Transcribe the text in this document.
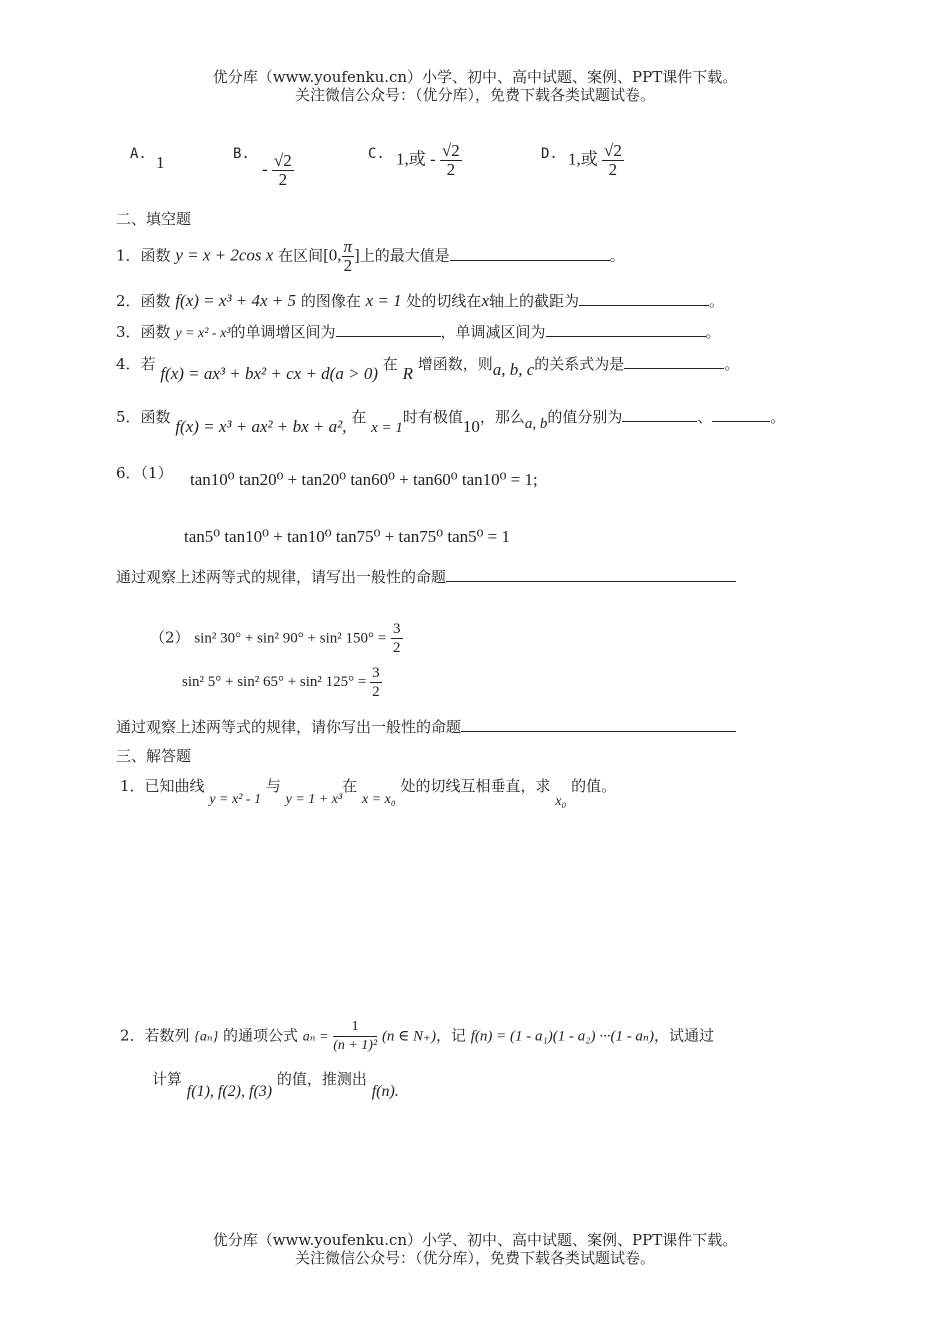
优分库（www.youfenku.cn）小学、初中、高中试题、案例、PPT课件下载。
关注微信公众号：（优分库），免费下载各类试题试卷。
A. 1	B.
- $\frac{√2}{2}$	C. 1,或 - $\frac{√2}{2}$	D. 1,或 $\frac{√2}{2}$
二、填空题
1．函数 y = x + 2cos x 在区间[0, $\frac{\pi}{2}$ ]上的最大值是	。
2．函数 f(x) = x³ + 4x + 5 的图像在 x = 1 处的切线在x轴上的截距为	。
3．函数 y = x² - x³的单调增区间为	，单调减区间为	。
4．若 f(x) = ax³ + bx² + cx + d(a > 0) 在 R 增函数，则a, b, c的关系式为是	。
5．函数 f(x) = x³ + ax² + bx + a², 在 x = 1时有极值10，那么a, b的值分别为	、	。
6．（1） tan10⁰ tan20⁰ + tan20⁰ tan60⁰ + tan60⁰ tan10⁰ = 1;
tan5⁰ tan10⁰ + tan10⁰ tan75⁰ + tan75⁰ tan5⁰ = 1
通过观察上述两等式的规律，请写出一般性的命题
（2） sin² 30° + sin² 90° + sin² $150^\circ = \frac{3}{2}$
sin² 5° + sin² 65° + sin² $125^\circ = \frac{3}{2}$
通过观察上述两等式的规律，请你写出一般性的命题
三、解答题
1．已知曲线 y = x² - 1 与 y = 1 + x³在 x = x₀ 处的切线互相垂直，求 x₀ 的值。
2．若数列 {aₙ} 的通项公式 $a_n = \frac{1}{\text{(n + 1)²}} (n$ ∈ N₊)，记 f(n) = (1 - a₁)(1 - a₂) ···(1 - aₙ)，试通过
计算 f(1), f(2), f(3) 的值，推测出 f(n).
优分库（www.youfenku.cn）小学、初中、高中试题、案例、PPT课件下载。
关注微信公众号：（优分库），免费下载各类试题试卷。
